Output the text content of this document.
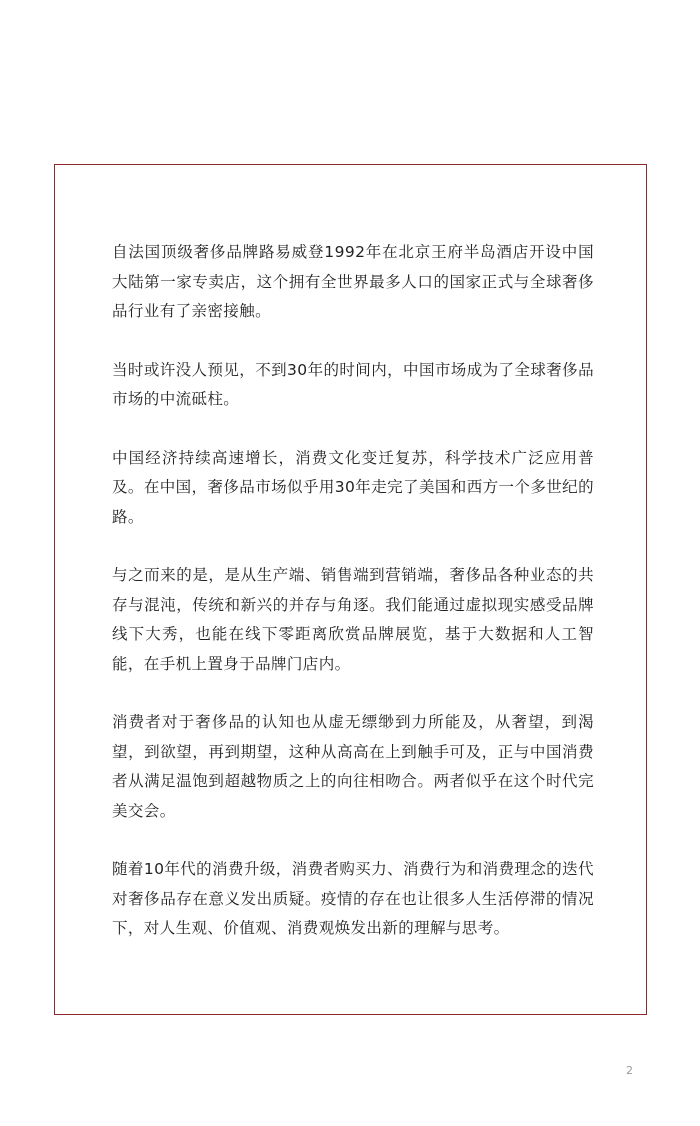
自法国顶级奢侈品牌路易威登1992年在北京王府半岛酒店开设中国大陆第一家专卖店，这个拥有全世界最多人口的国家正式与全球奢侈品行业有了亲密接触。

当时或许没人预见，不到30年的时间内，中国市场成为了全球奢侈品市场的中流砥柱。

中国经济持续高速增长，消费文化变迁复苏，科学技术广泛应用普及。在中国，奢侈品市场似乎用30年走完了美国和西方一个多世纪的路。

与之而来的是，是从生产端、销售端到营销端，奢侈品各种业态的共存与混沌，传统和新兴的并存与角逐。我们能通过虚拟现实感受品牌线下大秀，也能在线下零距离欣赏品牌展览，基于大数据和人工智能，在手机上置身于品牌门店内。

消费者对于奢侈品的认知也从虚无缥缈到力所能及，从奢望，到渴望，到欲望，再到期望，这种从高高在上到触手可及，正与中国消费者从满足温饱到超越物质之上的向往相吻合。两者似乎在这个时代完美交会。

随着10年代的消费升级，消费者购买力、消费行为和消费理念的迭代对奢侈品存在意义发出质疑。疫情的存在也让很多人生活停滞的情况下，对人生观、价值观、消费观焕发出新的理解与思考。

2
